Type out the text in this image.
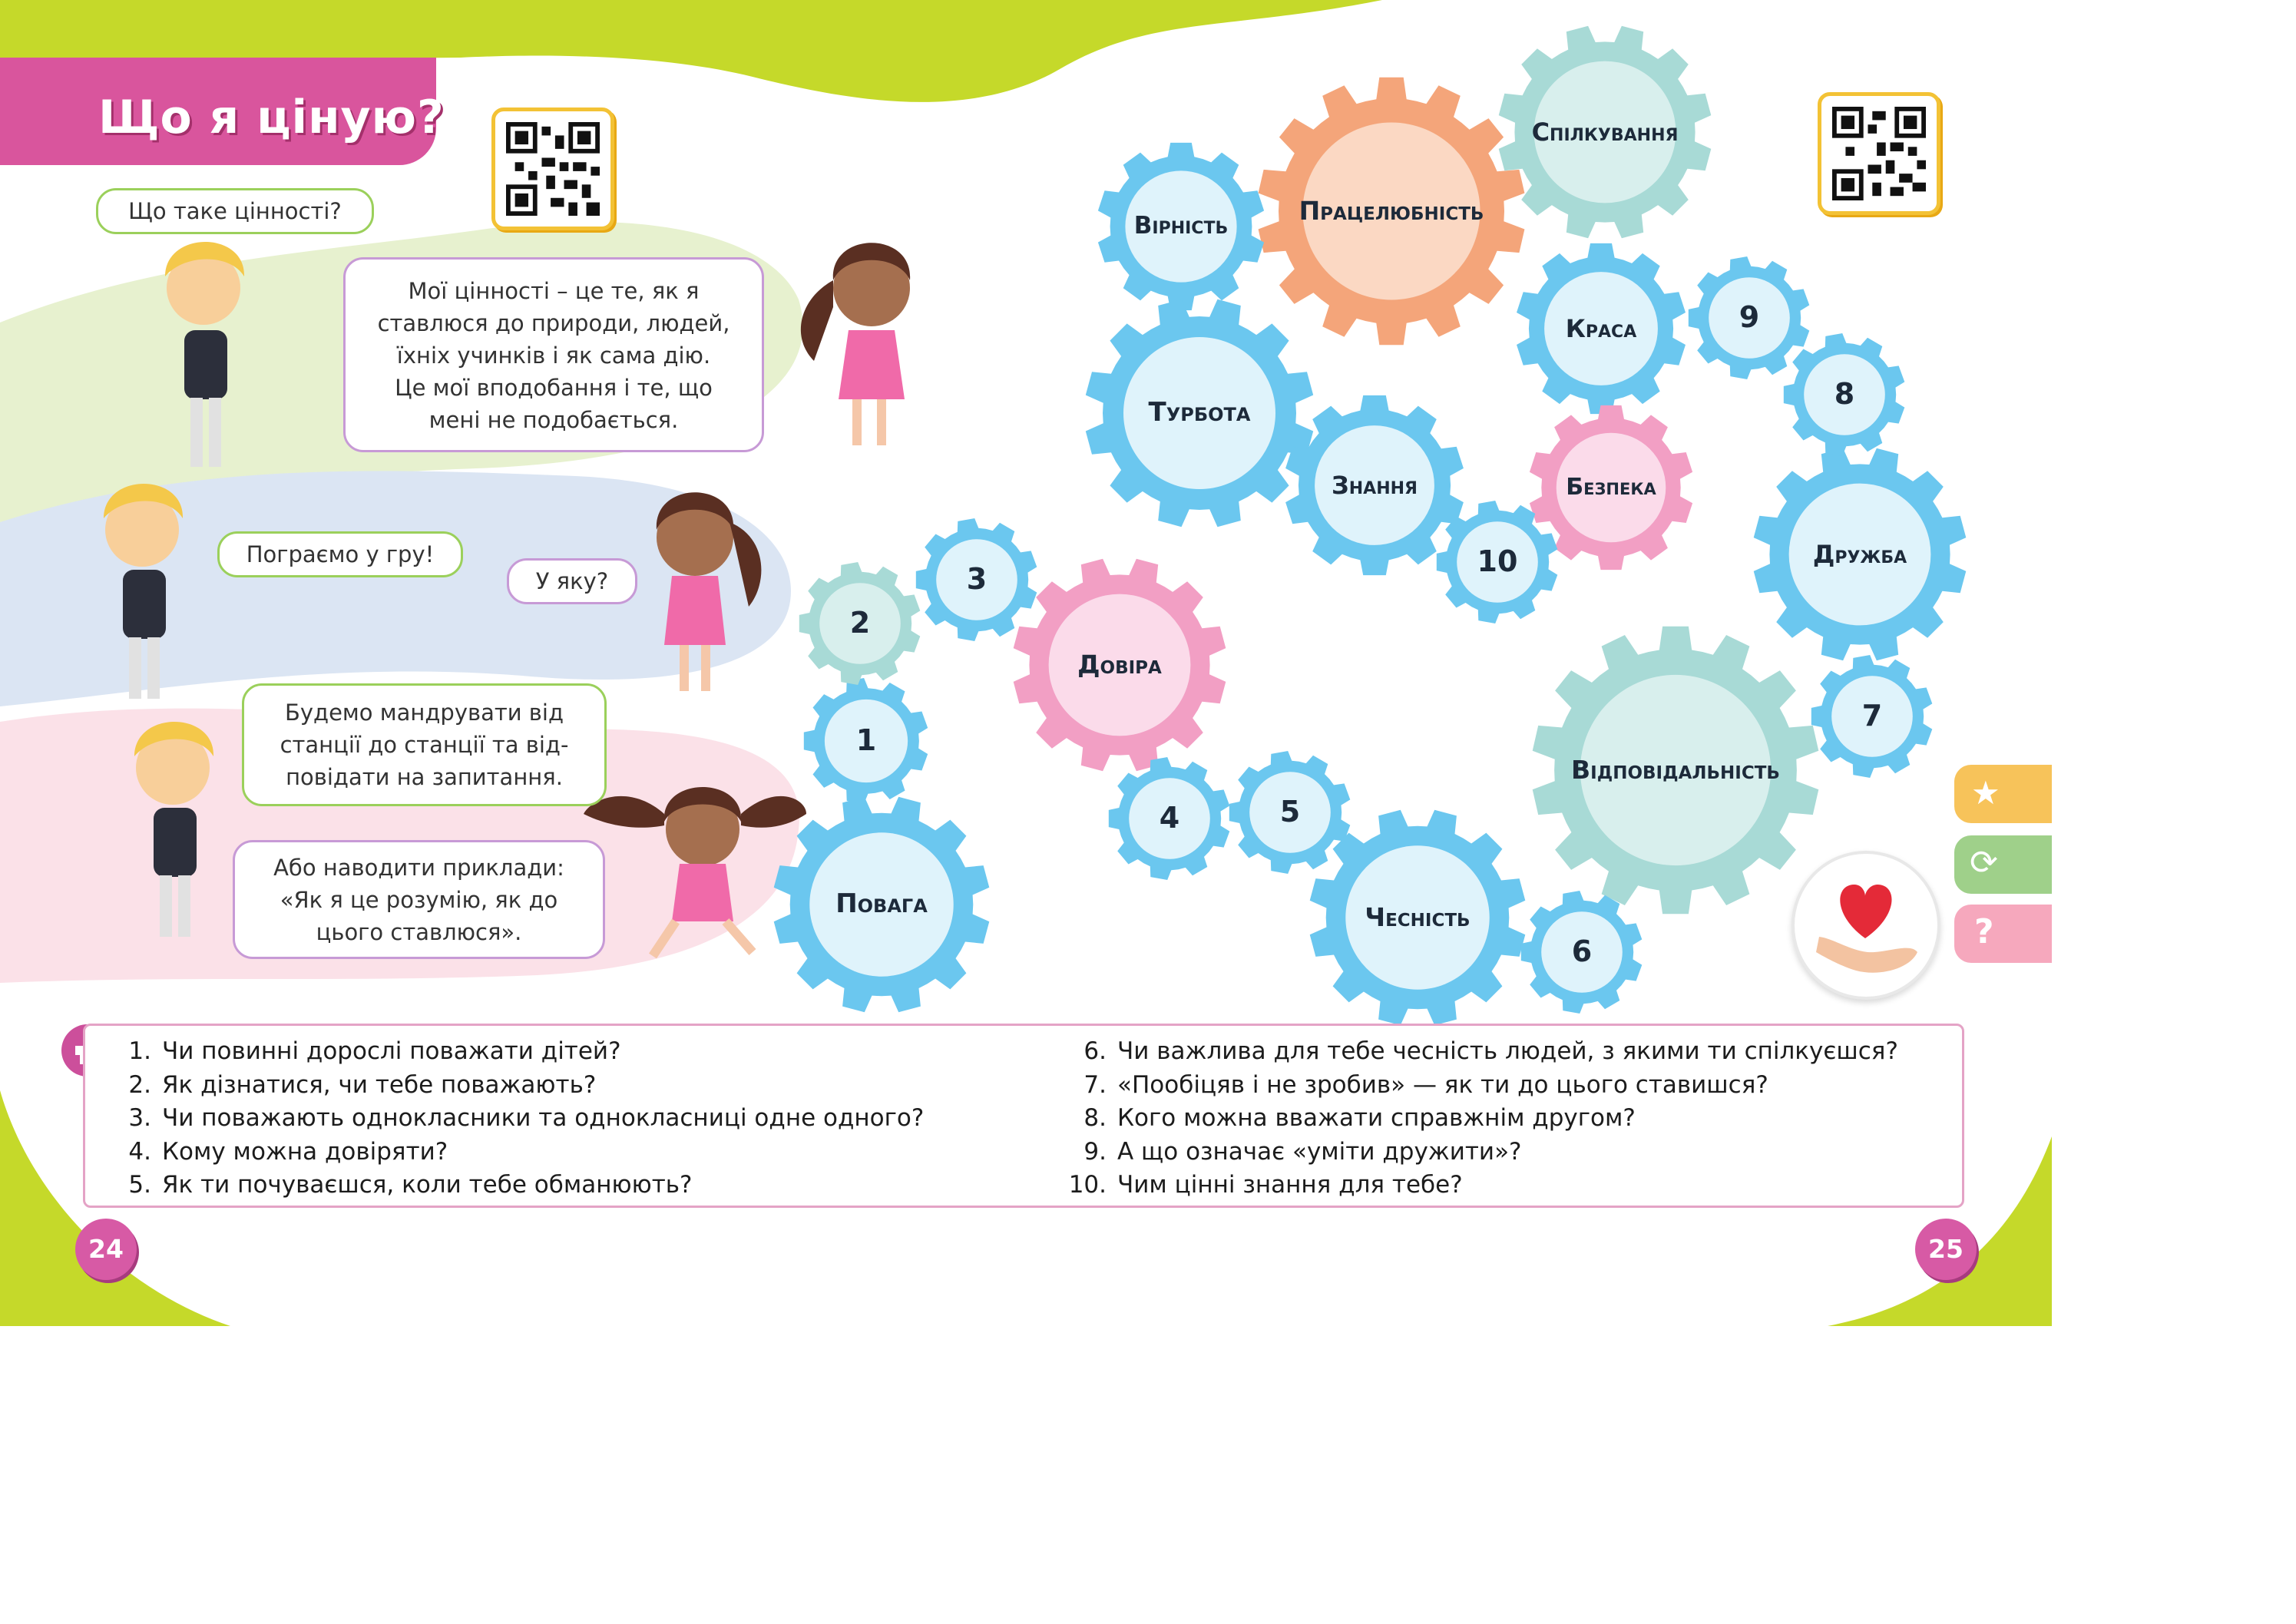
Що я ціную?
Що таке цінності?
Мої цінності – це те, як я
ставлюся до природи, людей,
їхніх учинків і як сама дію.
Це мої вподобання і те, що
мені не подобається.
Пограємо у гру!
У яку?
Будемо мандрувати від
станції до станції та від-
повідати на запитання.
Або наводити приклади:
«Як я це розумію, як до
цього ставлюся».
Спілкування
Працелюбність
Вірність
Турбота
Краса
Знання	Безпека
Дружба
Довіра
Повага	Чесність
Відповідальність
1
2
3
4	5
6
7
8
9
10
★
⟳
?
1. Чи повинні дорослі поважати дітей?
2. Як дізнатися, чи тебе поважають?
3. Чи поважають однокласники та однокласниці одне одного?
4. Кому можна довіряти?
5. Як ти почуваєшся, коли тебе обманюють?
6. Чи важлива для тебе чесність людей, з якими ти спілкуєшся?
7. «Пообіцяв і не зробив» — як ти до цього ставишся?
8. Кого можна вважати справжнім другом?
9. А що означає «уміти дружити»?
10. Чим цінні знання для тебе?
24	25
